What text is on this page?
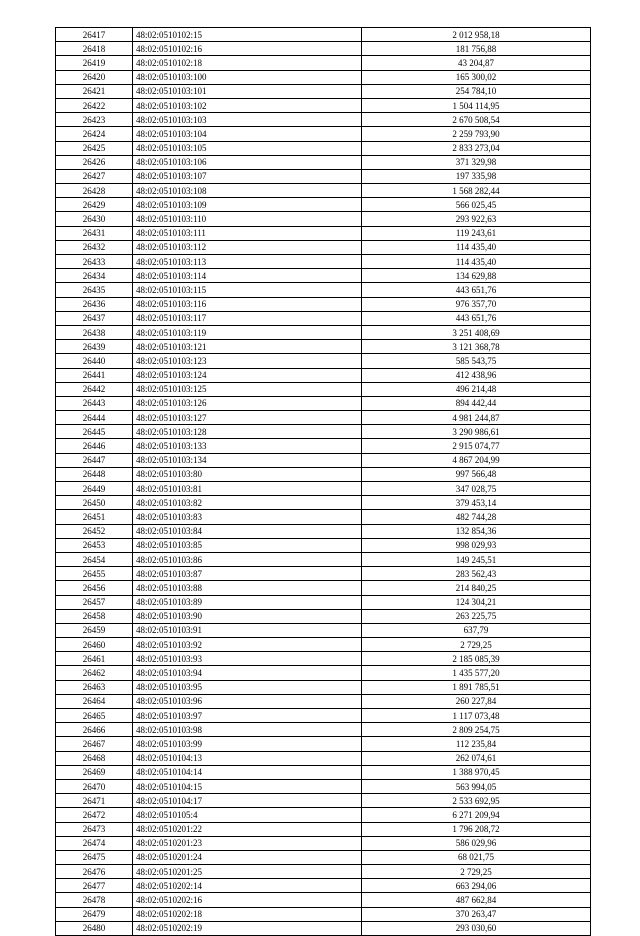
26417	48:02:0510102:15	2 012 958,18
26418	48:02:0510102:16	181 756,88
26419	48:02:0510102:18	43 204,87
26420	48:02:0510103:100	165 300,02
26421	48:02:0510103:101	254 784,10
26422	48:02:0510103:102	1 504 114,95
26423	48:02:0510103:103	2 670 508,54
26424	48:02:0510103:104	2 259 793,90
26425	48:02:0510103:105	2 833 273,04
26426	48:02:0510103:106	371 329,98
26427	48:02:0510103:107	197 335,98
26428	48:02:0510103:108	1 568 282,44
26429	48:02:0510103:109	566 025,45
26430	48:02:0510103:110	293 922,63
26431	48:02:0510103:111	119 243,61
26432	48:02:0510103:112	114 435,40
26433	48:02:0510103:113	114 435,40
26434	48:02:0510103:114	134 629,88
26435	48:02:0510103:115	443 651,76
26436	48:02:0510103:116	976 357,70
26437	48:02:0510103:117	443 651,76
26438	48:02:0510103:119	3 251 408,69
26439	48:02:0510103:121	3 121 368,78
26440	48:02:0510103:123	585 543,75
26441	48:02:0510103:124	412 438,96
26442	48:02:0510103:125	496 214,48
26443	48:02:0510103:126	894 442,44
26444	48:02:0510103:127	4 981 244,87
26445	48:02:0510103:128	3 290 986,61
26446	48:02:0510103:133	2 915 074,77
26447	48:02:0510103:134	4 867 204,99
26448	48:02:0510103:80	997 566,48
26449	48:02:0510103:81	347 028,75
26450	48:02:0510103:82	379 453,14
26451	48:02:0510103:83	482 744,28
26452	48:02:0510103:84	132 854,36
26453	48:02:0510103:85	998 029,93
26454	48:02:0510103:86	149 245,51
26455	48:02:0510103:87	283 562,43
26456	48:02:0510103:88	214 840,25
26457	48:02:0510103:89	124 304,21
26458	48:02:0510103:90	263 225,75
26459	48:02:0510103:91	637,79
26460	48:02:0510103:92	2 729,25
26461	48:02:0510103:93	2 185 085,39
26462	48:02:0510103:94	1 435 577,20
26463	48:02:0510103:95	1 891 785,51
26464	48:02:0510103:96	260 227,84
26465	48:02:0510103:97	1 117 073,48
26466	48:02:0510103:98	2 809 254,75
26467	48:02:0510103:99	112 235,84
26468	48:02:0510104:13	262 074,61
26469	48:02:0510104:14	1 388 970,45
26470	48:02:0510104:15	563 994,05
26471	48:02:0510104:17	2 533 692,95
26472	48:02:0510105:4	6 271 209,94
26473	48:02:0510201:22	1 796 208,72
26474	48:02:0510201:23	586 029,96
26475	48:02:0510201:24	68 021,75
26476	48:02:0510201:25	2 729,25
26477	48:02:0510202:14	663 294,06
26478	48:02:0510202:16	487 662,84
26479	48:02:0510202:18	370 263,47
26480	48:02:0510202:19	293 030,60
